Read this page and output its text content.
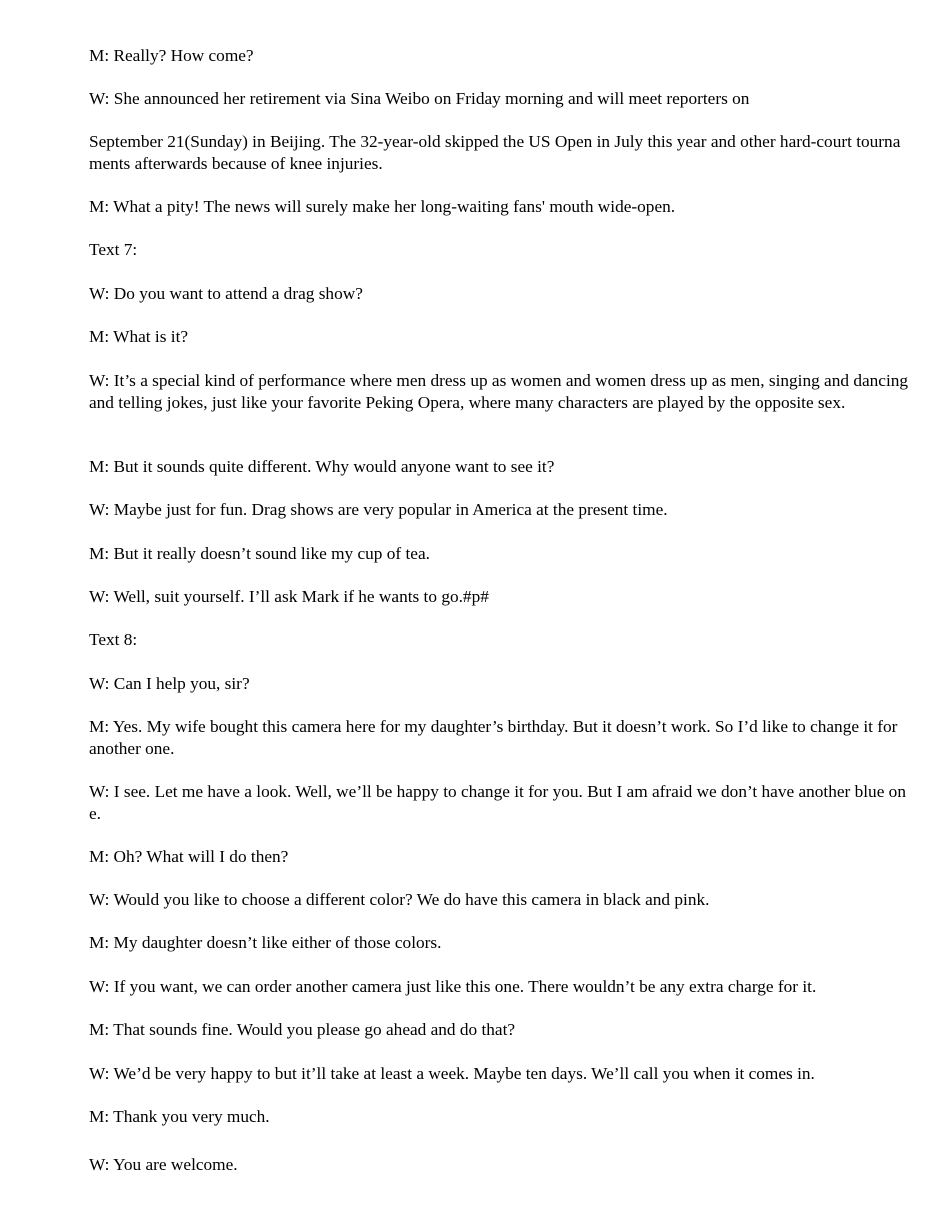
M: Really? How come?

W: She announced her retirement via Sina Weibo on Friday morning and will meet reporters on

September 21(Sunday) in Beijing. The 32-year-old skipped the US Open in July this year and other hard-court tournaments afterwards because of knee injuries.

M: What a pity! The news will surely make her long-waiting fans' mouth wide-open.

Text 7:

W: Do you want to attend a drag show?

M: What is it?

W: It’s a special kind of performance where men dress up as women and women dress up as men, singing and dancing and telling jokes, just like your favorite Peking Opera, where many characters are played by the opposite sex.

M: But it sounds quite different. Why would anyone want to see it?

W: Maybe just for fun. Drag shows are very popular in America at the present time.

M: But it really doesn’t sound like my cup of tea.

W: Well, suit yourself. I’ll ask Mark if he wants to go.#p#

Text 8:

W: Can I help you, sir?

M: Yes. My wife bought this camera here for my daughter’s birthday. But it doesn’t work. So I’d like to change it for another one.

W: I see. Let me have a look. Well, we’ll be happy to change it for you. But I am afraid we don’t have another blue one.

M: Oh? What will I do then?

W: Would you like to choose a different color? We do have this camera in black and pink.

M: My daughter doesn’t like either of those colors.

W: If you want, we can order another camera just like this one. There wouldn’t be any extra charge for it.

M: That sounds fine. Would you please go ahead and do that?

W: We’d be very happy to but it’ll take at least a week. Maybe ten days. We’ll call you when it comes in.

M: Thank you very much.

W: You are welcome.
